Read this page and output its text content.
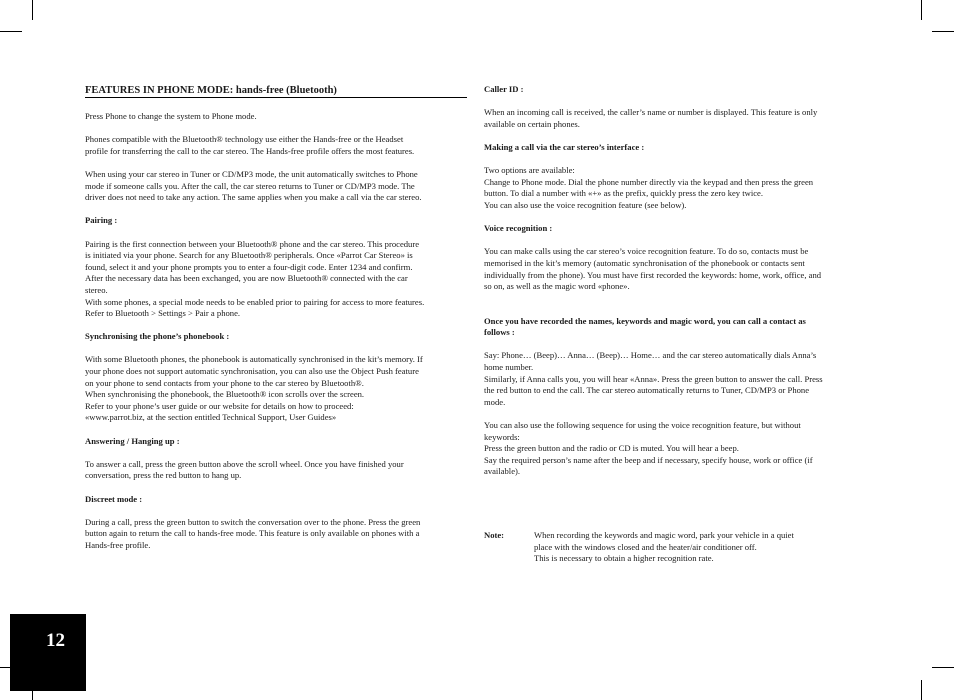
FEATURES IN PHONE MODE: hands-free (Bluetooth)

Press Phone to change the system to Phone mode.

Phones compatible with the Bluetooth® technology use either the Hands-free or the Headset
profile for transferring the call to the car stereo. The Hands-free profile offers the most features.

When using your car stereo in Tuner or CD/MP3 mode, the unit automatically switches to Phone
mode if someone calls you. After the call, the car stereo returns to Tuner or CD/MP3 mode. The
driver does not need to take any action. The same applies when you make a call via the car stereo.

Pairing :

Pairing is the first connection between your Bluetooth® phone and the car stereo. This procedure
is initiated via your phone. Search for any Bluetooth® peripherals. Once «Parrot Car Stereo» is
found, select it and your phone prompts you to enter a four-digit code. Enter 1234 and confirm.
After the necessary data has been exchanged, you are now Bluetooth® connected with the car
stereo.
With some phones, a special mode needs to be enabled prior to pairing for access to more features.
Refer to Bluetooth > Settings > Pair a phone.

Synchronising the phone’s phonebook :

With some Bluetooth phones, the phonebook is automatically synchronised in the kit’s memory. If
your phone does not support automatic synchronisation, you can also use the Object Push feature
on your phone to send contacts from your phone to the car stereo by Bluetooth®.
When synchronising the phonebook, the Bluetooth® icon scrolls over the screen.
Refer to your phone’s user guide or our website for details on how to proceed:
«www.parrot.biz, at the section entitled Technical Support, User Guides»

Answering / Hanging up :

To answer a call, press the green button above the scroll wheel. Once you have finished your
conversation, press the red button to hang up.

Discreet mode :

During a call, press the green button to switch the conversation over to the phone. Press the green
button again to return the call to hands-free mode. This feature is only available on phones with a
Hands-free profile.

Caller ID :

When an incoming call is received, the caller’s name or number is displayed. This feature is only
available on certain phones.

Making a call via the car stereo’s interface :

Two options are available:
Change to Phone mode. Dial the phone number directly via the keypad and then press the green
button. To dial a number with «+» as the prefix, quickly press the zero key twice.
You can also use the voice recognition feature (see below).

Voice recognition :

You can make calls using the car stereo’s voice recognition feature. To do so, contacts must be
memorised in the kit’s memory (automatic synchronisation of the phonebook or contacts sent
individually from the phone). You must have first recorded the keywords: home, work, office, and
so on, as well as the magic word «phone».

Once you have recorded the names, keywords and magic word, you can call a contact as
follows :

Say: Phone… (Beep)… Anna… (Beep)… Home… and the car stereo automatically dials Anna’s
home number.
Similarly, if Anna calls you, you will hear «Anna». Press the green button to answer the call. Press
the red button to end the call. The car stereo automatically returns to Tuner, CD/MP3 or Phone
mode.

You can also use the following sequence for using the voice recognition feature, but without
keywords:
Press the green button and the radio or CD is muted. You will hear a beep.
Say the required person’s name after the beep and if necessary, specify house, work or office (if
available).

Note:	When recording the keywords and magic word, park your vehicle in a quiet
place with the windows closed and the heater/air conditioner off.
This is necessary to obtain a higher recognition rate.

12
